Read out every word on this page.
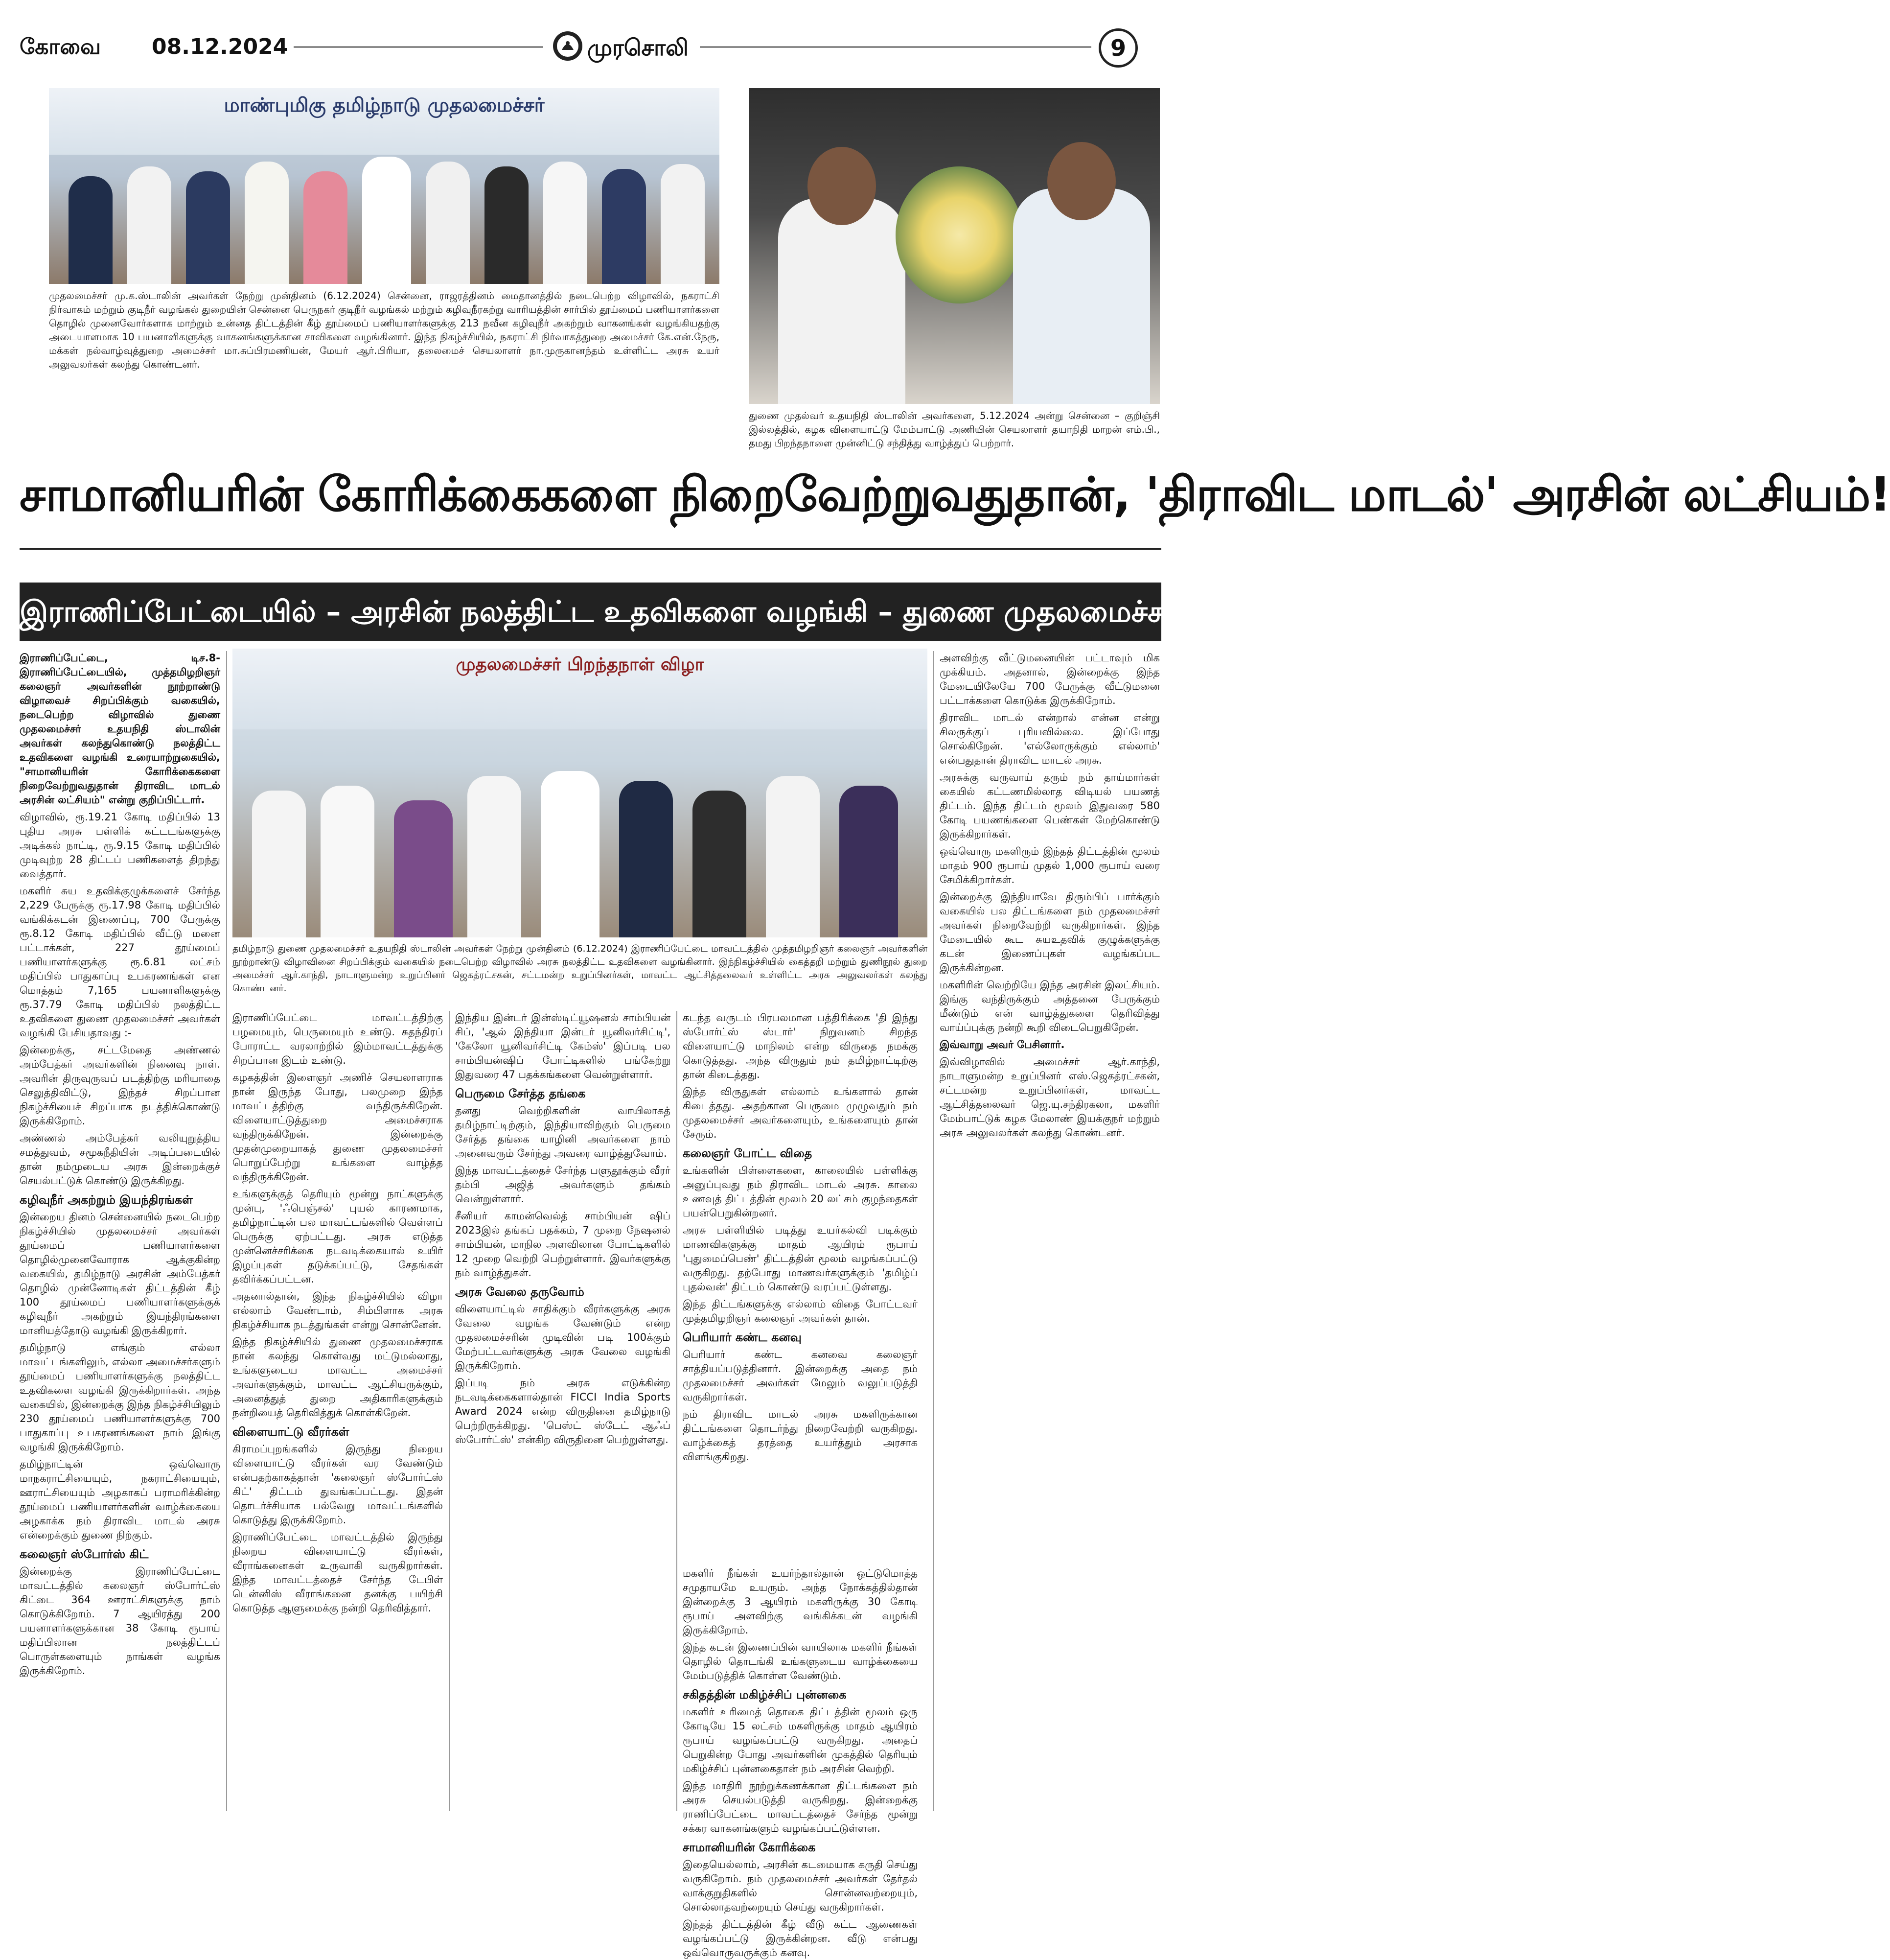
கோவை 08.12.2024	முரசொலி	9
மாண்புமிகு தமிழ்நாடு முதலமைச்சர்
முதலமைச்சர் மு.க.ஸ்டாலின் அவர்கள் நேற்று முன்தினம் (6.12.2024) சென்னை, ராஜரத்தினம் மைதானத்தில் நடைபெற்ற விழாவில், நகராட்சி நிர்வாகம் மற்றும் குடிநீர் வழங்கல் துறையின் சென்னை பெருநகர் குடிநீர் வழங்கல் மற்றும் கழிவுநீரகற்று வாரியத்தின் சார்பில் தூய்மைப் பணியாளர்களை தொழில் முனைவோர்களாக மாற்றும் உன்னத திட்டத்தின் கீழ் தூய்மைப் பணியாளர்களுக்கு 213 நவீன கழிவுநீர் அகற்றும் வாகனங்கள் வழங்கியதற்கு அடையாளமாக 10 பயனாளிகளுக்கு வாகனங்களுக்கான சாவிகளை வழங்கினார். இந்த நிகழ்ச்சியில், நகராட்சி நிர்வாகத்துறை அமைச்சர் கே.என்.நேரு, மக்கள் நல்வாழ்வுத்துறை அமைச்சர் மா.சுப்பிரமணியன், மேயர் ஆர்.பிரியா, தலைமைச் செயலாளர் நா.முருகானந்தம் உள்ளிட்ட அரசு உயர் அலுவலர்கள் கலந்து கொண்டனர்.
துணை முதல்வர் உதயநிதி ஸ்டாலின் அவர்களை, 5.12.2024 அன்று சென்னை – குறிஞ்சி இல்லத்தில், கழக விளையாட்டு மேம்பாட்டு அணியின் செயலாளர் தயாநிதி மாறன் எம்.பி., தமது பிறந்தநாளை முன்னிட்டு சந்தித்து வாழ்த்துப் பெற்றார்.
சாமானியரின் கோரிக்கைகளை நிறைவேற்றுவதுதான், 'திராவிட மாடல்' அரசின் லட்சியம்!
இராணிப்பேட்டையில் – அரசின் நலத்திட்ட உதவிகளை வழங்கி – துணை முதலமைச்சர் உதயநிதி ஸ்டாலின் உரை!
முதலமைச்சர் பிறந்தநாள் விழா
தமிழ்நாடு துணை முதலமைச்சர் உதயநிதி ஸ்டாலின் அவர்கள் நேற்று முன்தினம் (6.12.2024) இராணிப்பேட்டை மாவட்டத்தில் முத்தமிழறிஞர் கலைஞர் அவர்களின் நூற்றாண்டு விழாவினை சிறப்பிக்கும் வகையில் நடைபெற்ற விழாவில் அரசு நலத்திட்ட உதவிகளை வழங்கினார். இந்நிகழ்ச்சியில் கைத்தறி மற்றும் துணிநூல் துறை அமைச்சர் ஆர்.காந்தி, நாடாளுமன்ற உறுப்பினர் ஜெகத்ரட்சகன், சட்டமன்ற உறுப்பினர்கள், மாவட்ட ஆட்சித்தலைவர் உள்ளிட்ட அரசு அலுவலர்கள் கலந்து கொண்டனர்.

இராணிப்பேட்டை, டிச.8- இராணிப்பேட்டையில், முத்தமிழறிஞர் கலைஞர் அவர்களின் நூற்றாண்டு விழாவைச் சிறப்பிக்கும் வகையில், நடைபெற்ற விழாவில் துணை முதலமைச்சர் உதயநிதி ஸ்டாலின் அவர்கள் கலந்துகொண்டு நலத்திட்ட உதவிகளை வழங்கி உரையாற்றுகையில், "சாமானியரின் கோரிக்கைகளை நிறைவேற்றுவதுதான் திராவிட மாடல் அரசின் லட்சியம்" என்று குறிப்பிட்டார்.

விழாவில், ரூ.19.21 கோடி மதிப்பில் 13 புதிய அரசு பள்ளிக் கட்டடங்களுக்கு அடிக்கல் நாட்டி, ரூ.9.15 கோடி மதிப்பில் முடிவுற்ற 28 திட்டப் பணிகளைத் திறந்து வைத்தார்.

மகளிர் சுய உதவிக்குழுக்களைச் சேர்ந்த 2,229 பேருக்கு ரூ.17.98 கோடி மதிப்பில் வங்கிக்கடன் இணைப்பு, 700 பேருக்கு ரூ.8.12 கோடி மதிப்பில் வீட்டு மனை பட்டாக்கள், 227 தூய்மைப் பணியாளர்களுக்கு ரூ.6.81 லட்சம் மதிப்பில் பாதுகாப்பு உபகரணங்கள் என மொத்தம் 7,165 பயனாளிகளுக்கு ரூ.37.79 கோடி மதிப்பில் நலத்திட்ட உதவிகளை துணை முதலமைச்சர் அவர்கள் வழங்கி பேசியதாவது :-

இன்றைக்கு, சட்டமேதை அண்ணல் அம்பேத்கர் அவர்களின் நினைவு நாள். அவரின் திருவுருவப் படத்திற்கு மரியாதை செலுத்திவிட்டு, இந்தச் சிறப்பான நிகழ்ச்சியைச் சிறப்பாக நடத்திக்கொண்டு இருக்கிறோம்.

அண்ணல் அம்பேத்கர் வலியுறுத்திய சமத்துவம், சமூகநீதியின் அடிப்படையில் தான் நம்முடைய அரசு இன்றைக்குச் செயல்பட்டுக் கொண்டு இருக்கிறது.

கழிவுநீர் அகற்றும் இயந்திரங்கள்

இன்றைய தினம் சென்னையில் நடைபெற்ற நிகழ்ச்சியில் முதலமைச்சர் அவர்கள் தூய்மைப் பணியாளர்களை தொழில்முனைவோராக ஆக்குகின்ற வகையில், தமிழ்நாடு அரசின் அம்பேத்கர் தொழில் முன்னோடிகள் திட்டத்தின் கீழ் 100 தூய்மைப் பணியாளர்களுக்குக் கழிவுநீர் அகற்றும் இயந்திரங்களை மானியத்தோடு வழங்கி இருக்கிறார்.

தமிழ்நாடு எங்கும் எல்லா மாவட்டங்களிலும், எல்லா அமைச்சர்களும் தூய்மைப் பணியாளர்களுக்கு நலத்திட்ட உதவிகளை வழங்கி இருக்கிறார்கள். அந்த வகையில், இன்றைக்கு இந்த நிகழ்ச்சியிலும் 230 தூய்மைப் பணியாளர்களுக்கு 700 பாதுகாப்பு உபகரணங்களை நாம் இங்கு வழங்கி இருக்கிறோம்.

தமிழ்நாட்டின் ஒவ்வொரு மாநகராட்சியையும், நகராட்சியையும், ஊராட்சியையும் அழகாகப் பராமரிக்கின்ற தூய்மைப் பணியாளர்களின் வாழ்க்கையை அழகாக்க நம் திராவிட மாடல் அரசு என்றைக்கும் துணை நிற்கும்.

கலைஞர் ஸ்போர்ஸ் கிட்

இன்றைக்கு இராணிப்பேட்டை மாவட்டத்தில் கலைஞர் ஸ்போர்ட்ஸ் கிட்டை 364 ஊராட்சிகளுக்கு நாம் கொடுக்கிறோம். 7 ஆயிரத்து 200 பயனாளர்களுக்கான 38 கோடி ரூபாய் மதிப்பிலான நலத்திட்டப் பொருள்களையும் நாங்கள் வழங்க இருக்கிறோம்.

இராணிப்பேட்டை மாவட்டத்திற்கு பழமையும், பெருமையும் உண்டு. சுதந்திரப் போராட்ட வரலாற்றில் இம்மாவட்டத்துக்கு சிறப்பான இடம் உண்டு.

கழகத்தின் இளைஞர் அணிச் செயலாளராக நான் இருந்த போது, பலமுறை இந்த மாவட்டத்திற்கு வந்திருக்கிறேன். விளையாட்டுத்துறை அமைச்சராக வந்திருக்கிறேன். இன்றைக்கு முதன்முறையாகத் துணை முதலமைச்சர் பொறுப்பேற்று உங்களை வாழ்த்த வந்திருக்கிறேன்.

உங்களுக்குத் தெரியும் மூன்று நாட்களுக்கு முன்பு, 'ஃபெஞ்சல்' புயல் காரணமாக, தமிழ்நாட்டின் பல மாவட்டங்களில் வெள்ளப் பெருக்கு ஏற்பட்டது. அரசு எடுத்த முன்னெச்சரிக்கை நடவடிக்கையால் உயிர் இழப்புகள் தடுக்கப்பட்டு, சேதங்கள் தவிர்க்கப்பட்டன.

அதனால்தான், இந்த நிகழ்ச்சியில் விழா எல்லாம் வேண்டாம், சிம்பிளாக அரசு நிகழ்ச்சியாக நடத்துங்கள் என்று சொன்னேன்.

இந்த நிகழ்ச்சியில் துணை முதலமைச்சராக நான் கலந்து கொள்வது மட்டுமல்லாது, உங்களுடைய மாவட்ட அமைச்சர் அவர்களுக்கும், மாவட்ட ஆட்சியருக்கும், அனைத்துத் துறை அதிகாரிகளுக்கும் நன்றியைத் தெரிவித்துக் கொள்கிறேன்.

விளையாட்டு வீரர்கள்

கிராமப்புறங்களில் இருந்து நிறைய விளையாட்டு வீரர்கள் வர வேண்டும் என்பதற்காகத்தான் 'கலைஞர் ஸ்போர்ட்ஸ் கிட்' திட்டம் துவங்கப்பட்டது. இதன் தொடர்ச்சியாக பல்வேறு மாவட்டங்களில் கொடுத்து இருக்கிறோம்.

இராணிப்பேட்டை மாவட்டத்தில் இருந்து நிறைய விளையாட்டு வீரர்கள், வீராங்கனைகள் உருவாகி வருகிறார்கள். இந்த மாவட்டத்தைச் சேர்ந்த டேபிள் டென்னிஸ் வீராங்கனை தனக்கு பயிற்சி கொடுத்த ஆளுமைக்கு நன்றி தெரிவித்தார்.

இந்திய இன்டர் இன்ஸ்டிட்யூஷனல் சாம்பியன் சிப், 'ஆல் இந்தியா இன்டர் யூனிவர்சிட்டி', 'கேலோ யூனிவர்சிட்டி கேம்ஸ்' இப்படி பல சாம்பியன்ஷிப் போட்டிகளில் பங்கேற்று இதுவரை 47 பதக்கங்களை வென்றுள்ளார்.

பெருமை சேர்த்த தங்கை

தனது வெற்றிகளின் வாயிலாகத் தமிழ்நாட்டிற்கும், இந்தியாவிற்கும் பெருமை சேர்த்த தங்கை யாழினி அவர்களை நாம் அனைவரும் சேர்ந்து அவரை வாழ்த்துவோம்.

இந்த மாவட்டத்தைச் சேர்ந்த பளுதூக்கும் வீரர் தம்பி அஜித் அவர்களும் தங்கம் வென்றுள்ளார்.

சீனியர் காமன்வெல்த் சாம்பியன் ஷிப் 2023இல் தங்கப் பதக்கம், 7 முறை நேஷனல் சாம்பியன், மாநில அளவிலான போட்டிகளில் 12 முறை வெற்றி பெற்றுள்ளார். இவர்களுக்கு நம் வாழ்த்துகள்.

அரசு வேலை தருவோம்

விளையாட்டில் சாதிக்கும் வீரர்களுக்கு அரசு வேலை வழங்க வேண்டும் என்ற முதலமைச்சரின் முடிவின் படி 100க்கும் மேற்பட்டவர்களுக்கு அரசு வேலை வழங்கி இருக்கிறோம்.

இப்படி நம் அரசு எடுக்கின்ற நடவடிக்கைகளால்தான் FICCI India Sports Award 2024 என்ற விருதினை தமிழ்நாடு பெற்றிருக்கிறது. 'பெஸ்ட் ஸ்டேட் ஆஃப் ஸ்போர்ட்ஸ்' என்கிற விருதினை பெற்றுள்ளது.

கடந்த வருடம் பிரபலமான பத்திரிக்கை 'தி இந்து ஸ்போர்ட்ஸ் ஸ்டார்' நிறுவனம் சிறந்த விளையாட்டு மாநிலம் என்ற விருதை நமக்கு கொடுத்தது. அந்த விருதும் நம் தமிழ்நாட்டிற்கு தான் கிடைத்தது.

இந்த விருதுகள் எல்லாம் உங்களால் தான் கிடைத்தது. அதற்கான பெருமை முழுவதும் நம் முதலமைச்சர் அவர்களையும், உங்களையும் தான் சேரும்.

கலைஞர் போட்ட விதை

உங்களின் பிள்ளைகளை, காலையில் பள்ளிக்கு அனுப்புவது நம் திராவிட மாடல் அரசு. காலை உணவுத் திட்டத்தின் மூலம் 20 லட்சம் குழந்தைகள் பயன்பெறுகின்றனர்.

அரசு பள்ளியில் படித்து உயர்கல்வி படிக்கும் மாணவிகளுக்கு மாதம் ஆயிரம் ரூபாய் 'புதுமைப்பெண்' திட்டத்தின் மூலம் வழங்கப்பட்டு வருகிறது. தற்போது மாணவர்களுக்கும் 'தமிழ்ப் புதல்வன்' திட்டம் கொண்டு வரப்பட்டுள்ளது.

இந்த திட்டங்களுக்கு எல்லாம் விதை போட்டவர் முத்தமிழறிஞர் கலைஞர் அவர்கள் தான்.

பெரியார் கண்ட கனவு

பெரியார் கண்ட கனவை கலைஞர் சாத்தியப்படுத்தினார். இன்றைக்கு அதை நம் முதலமைச்சர் அவர்கள் மேலும் வலுப்படுத்தி வருகிறார்கள்.

நம் திராவிட மாடல் அரசு மகளிருக்கான திட்டங்களை தொடர்ந்து நிறைவேற்றி வருகிறது. வாழ்க்கைத் தரத்தை உயர்த்தும் அரசாக விளங்குகிறது.

அளவிற்கு வீட்டுமனையின் பட்டாவும் மிக முக்கியம். அதனால், இன்றைக்கு இந்த மேடையிலேயே 700 பேருக்கு வீட்டுமனை பட்டாக்களை கொடுக்க இருக்கிறோம்.

திராவிட மாடல் என்றால் என்ன என்று சிலருக்குப் புரியவில்லை. இப்போது சொல்கிறேன். 'எல்லோருக்கும் எல்லாம்' என்பதுதான் திராவிட மாடல் அரசு.

அரசுக்கு வருவாய் தரும் நம் தாய்மார்கள் கையில் கட்டணமில்லாத விடியல் பயணத் திட்டம். இந்த திட்டம் மூலம் இதுவரை 580 கோடி பயணங்களை பெண்கள் மேற்கொண்டு இருக்கிறார்கள்.

ஒவ்வொரு மகளிரும் இந்தத் திட்டத்தின் மூலம் மாதம் 900 ரூபாய் முதல் 1,000 ரூபாய் வரை சேமிக்கிறார்கள்.

இன்றைக்கு இந்தியாவே திரும்பிப் பார்க்கும் வகையில் பல திட்டங்களை நம் முதலமைச்சர் அவர்கள் நிறைவேற்றி வருகிறார்கள். இந்த மேடையில் கூட சுயஉதவிக் குழுக்களுக்கு கடன் இணைப்புகள் வழங்கப்பட இருக்கின்றன.

மகளிரின் வெற்றியே இந்த அரசின் இலட்சியம். இங்கு வந்திருக்கும் அத்தனை பேருக்கும் மீண்டும் என் வாழ்த்துகளை தெரிவித்து வாய்ப்புக்கு நன்றி கூறி விடைபெறுகிறேன்.

இவ்வாறு அவர் பேசினார்.

இவ்விழாவில் அமைச்சர் ஆர்.காந்தி, நாடாளுமன்ற உறுப்பினர் எஸ்.ஜெகத்ரட்சகன், சட்டமன்ற உறுப்பினர்கள், மாவட்ட ஆட்சித்தலைவர் ஜெ.யு.சந்திரகலா, மகளிர் மேம்பாட்டுக் கழக மேலாண் இயக்குநர் மற்றும் அரசு அலுவலர்கள் கலந்து கொண்டனர்.

மகளிர் நீங்கள் உயர்ந்தால்தான் ஒட்டுமொத்த சமுதாயமே உயரும். அந்த நோக்கத்தில்தான் இன்றைக்கு 3 ஆயிரம் மகளிருக்கு 30 கோடி ரூபாய் அளவிற்கு வங்கிக்கடன் வழங்கி இருக்கிறோம்.

இந்த கடன் இணைப்பின் வாயிலாக மகளிர் நீங்கள் தொழில் தொடங்கி உங்களுடைய வாழ்க்கையை மேம்படுத்திக் கொள்ள வேண்டும்.

சகிதத்தின் மகிழ்ச்சிப் புன்னகை

மகளிர் உரிமைத் தொகை திட்டத்தின் மூலம் ஒரு கோடியே 15 லட்சம் மகளிருக்கு மாதம் ஆயிரம் ரூபாய் வழங்கப்பட்டு வருகிறது. அதைப் பெறுகின்ற போது அவர்களின் முகத்தில் தெரியும் மகிழ்ச்சிப் புன்னகைதான் நம் அரசின் வெற்றி.

இந்த மாதிரி நூற்றுக்கணக்கான திட்டங்களை நம் அரசு செயல்படுத்தி வருகிறது. இன்றைக்கு ராணிப்பேட்டை மாவட்டத்தைச் சேர்ந்த மூன்று சக்கர வாகனங்களும் வழங்கப்பட்டுள்ளன.

சாமானியரின் கோரிக்கை

இதையெல்லாம், அரசின் கடமையாக கருதி செய்து வருகிறோம். நம் முதலமைச்சர் அவர்கள் தேர்தல் வாக்குறுதிகளில் சொன்னவற்றையும், சொல்லாதவற்றையும் செய்து வருகிறார்கள்.

இந்தத் திட்டத்தின் கீழ் வீடு கட்ட ஆணைகள் வழங்கப்பட்டு இருக்கின்றன. வீடு என்பது ஒவ்வொருவருக்கும் கனவு.
